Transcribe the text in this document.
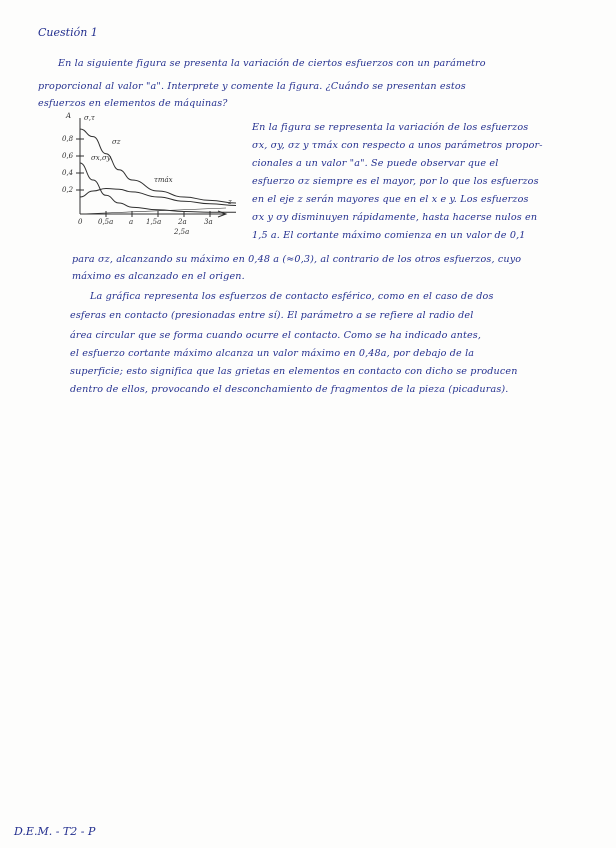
Cuestión 1
En la siguiente figura se presenta la variación de ciertos esfuerzos con un parámetro
proporcional al valor "a". Interprete y comente la figura. ¿Cuándo se presentan estos
esfuerzos en elementos de máquinas?
A σ,τ
z
0,8
0,6
0,4
0,2
0 0,5a a 1,5a 2a 3a
2,5a
σz
σx,σy
τmáx
En la figura se representa la variación de los esfuerzos
σx, σy, σz y τmáx con respecto a unos parámetros propor-
cionales a un valor "a". Se puede observar que el
esfuerzo σz siempre es el mayor, por lo que los esfuerzos
en el eje z serán mayores que en el x e y. Los esfuerzos
σx y σy disminuyen rápidamente, hasta hacerse nulos en
1,5 a. El cortante máximo comienza en un valor de 0,1
para σz, alcanzando su máximo en 0,48 a (≈0,3), al contrario de los otros esfuerzos, cuyo
máximo es alcanzado en el origen.
La gráfica representa los esfuerzos de contacto esférico, como en el caso de dos
esferas en contacto (presionadas entre sí). El parámetro a se refiere al radio del
área circular que se forma cuando ocurre el contacto. Como se ha indicado antes,
el esfuerzo cortante máximo alcanza un valor máximo en 0,48a, por debajo de la
superficie; esto significa que las grietas en elementos en contacto con dicho se producen
dentro de ellos, provocando el desconchamiento de fragmentos de la pieza (picaduras).
D.E.M. - T2 - P
